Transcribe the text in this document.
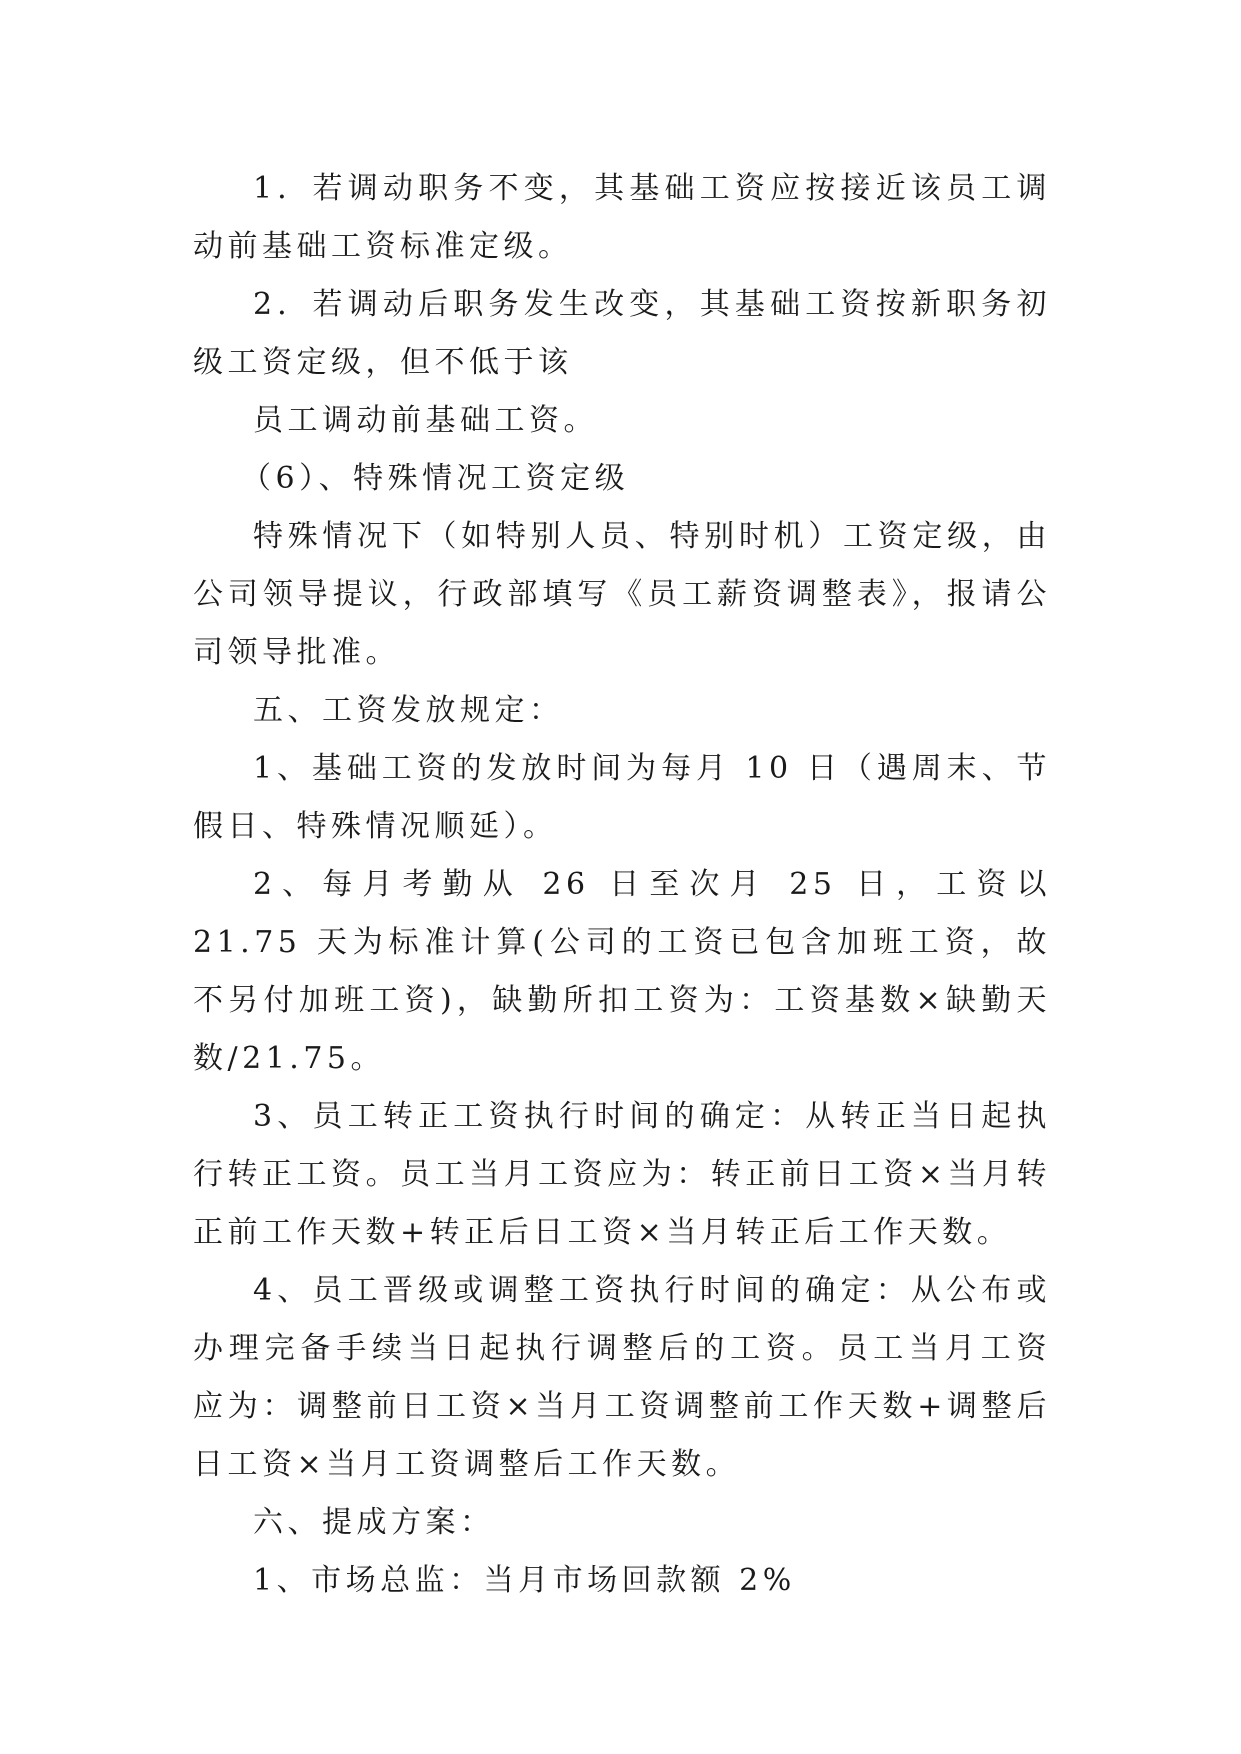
1．若调动职务不变，其基础工资应按接近该员工调动前基础工资标准定级。

2．若调动后职务发生改变，其基础工资按新职务初级工资定级，但不低于该

员工调动前基础工资。

（6）、特殊情况工资定级

特殊情况下（如特别人员、特别时机）工资定级，由公司领导提议，行政部填写《员工薪资调整表》，报请公司领导批准。

五、工资发放规定：

1、基础工资的发放时间为每月 10 日（遇周末、节假日、特殊情况顺延）。

2、每月考勤从 26 日至次月 25 日，工资以 21.75 天为标准计算(公司的工资已包含加班工资，故不另付加班工资)，缺勤所扣工资为：工资基数×缺勤天数/21.75。

3、员工转正工资执行时间的确定：从转正当日起执行转正工资。员工当月工资应为：转正前日工资×当月转正前工作天数+转正后日工资×当月转正后工作天数。

4、员工晋级或调整工资执行时间的确定：从公布或办理完备手续当日起执行调整后的工资。员工当月工资应为：调整前日工资×当月工资调整前工作天数+调整后日工资×当月工资调整后工作天数。

六、提成方案：

1、市场总监：当月市场回款额 2%
